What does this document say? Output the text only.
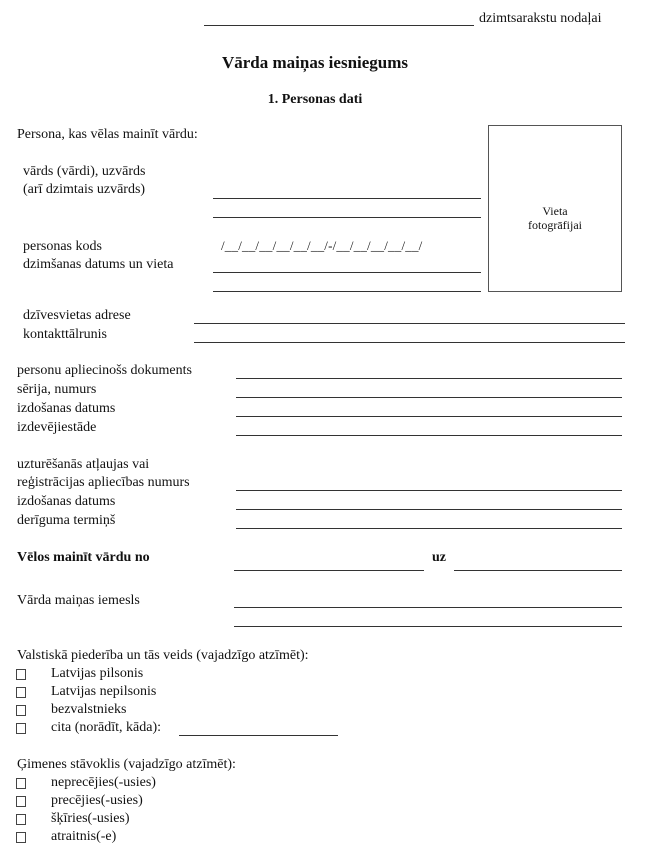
dzimtsarakstu nodaļai
Vārda maiņas iesniegums
1. Personas dati
Persona, kas vēlas mainīt vārdu:
Vieta
fotogrāfijai
vārds (vārdi), uzvārds
(arī dzimtais uzvārds)
personas kods	/__/__/__/__/__/__/-/__/__/__/__/__/
dzimšanas datums un vieta
dzīvesvietas adrese
kontakttālrunis
personu apliecinošs dokuments
sērija, numurs
izdošanas datums
izdevējiestāde
uzturēšanās atļaujas vai
reģistrācijas apliecības numurs
izdošanas datums
derīguma termiņš
Vēlos mainīt vārdu no	uz
Vārda maiņas iemesls
Valstiskā piederība un tās veids (vajadzīgo atzīmēt):
Latvijas pilsonis
Latvijas nepilsonis
bezvalstnieks
cita (norādīt, kāda):
Ģimenes stāvoklis (vajadzīgo atzīmēt):
neprecējies(-usies)
precējies(-usies)
šķīries(-usies)
atraitnis(-e)
